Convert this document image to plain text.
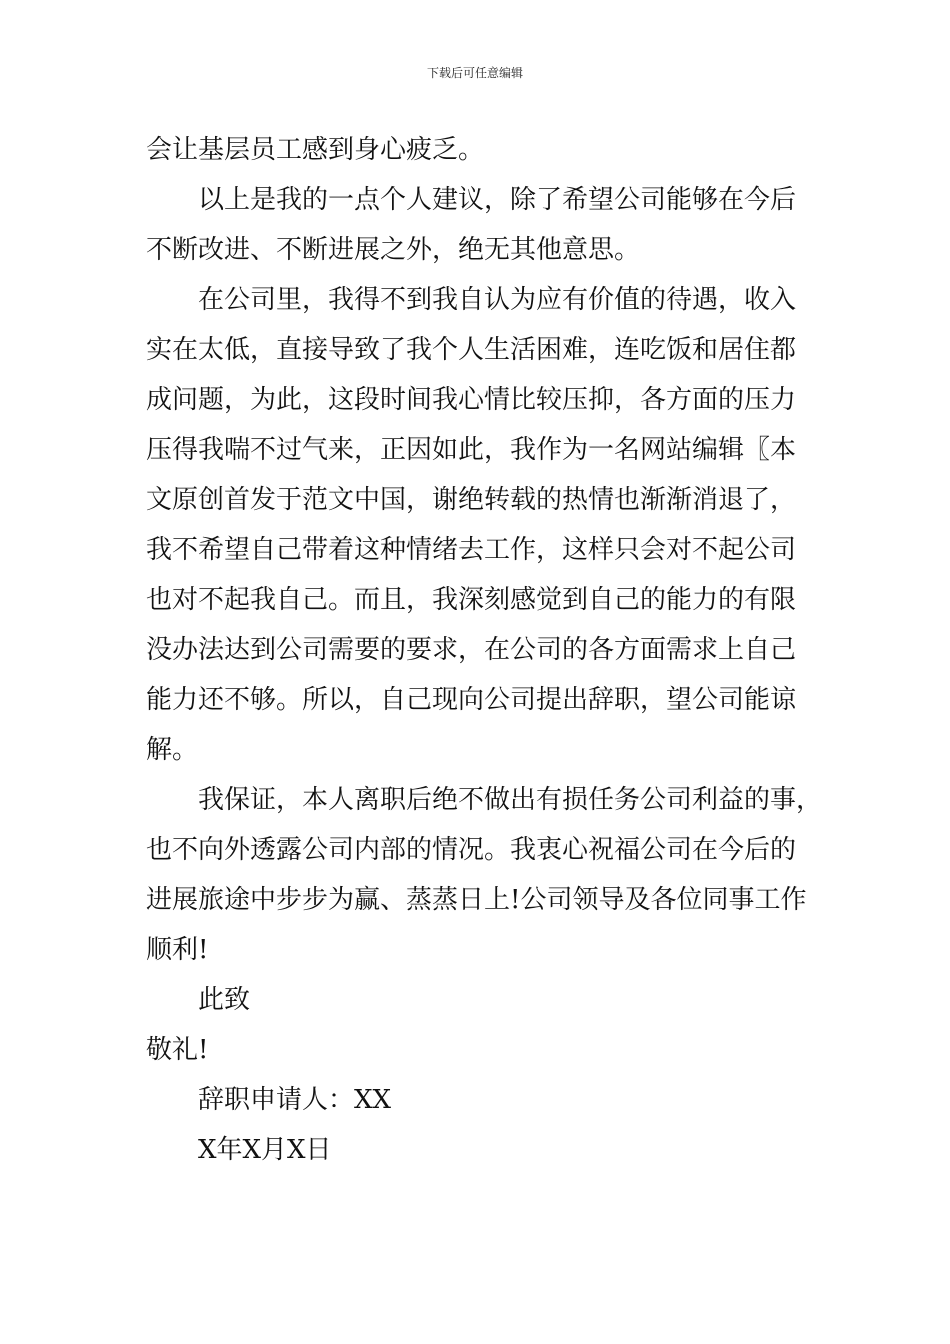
下载后可任意编辑
会让基层员工感到身心疲乏。
以上是我的一点个人建议，除了希望公司能够在今后
不断改进、不断进展之外，绝无其他意思。
在公司里，我得不到我自认为应有价值的待遇，收入
实在太低，直接导致了我个人生活困难，连吃饭和居住都
成问题，为此，这段时间我心情比较压抑，各方面的压力
压得我喘不过气来，正因如此，我作为一名网站编辑〖本
文原创首发于范文中国，谢绝转载的热情也渐渐消退了，
我不希望自己带着这种情绪去工作，这样只会对不起公司
也对不起我自己。而且，我深刻感觉到自己的能力的有限
没办法达到公司需要的要求，在公司的各方面需求上自己
能力还不够。所以，自己现向公司提出辞职，望公司能谅
解。
我保证，本人离职后绝不做出有损任务公司利益的事，
也不向外透露公司内部的情况。我衷心祝福公司在今后的
进展旅途中步步为赢、蒸蒸日上!公司领导及各位同事工作
顺利!
此致
敬礼!
辞职申请人：XX
X年X月X日
